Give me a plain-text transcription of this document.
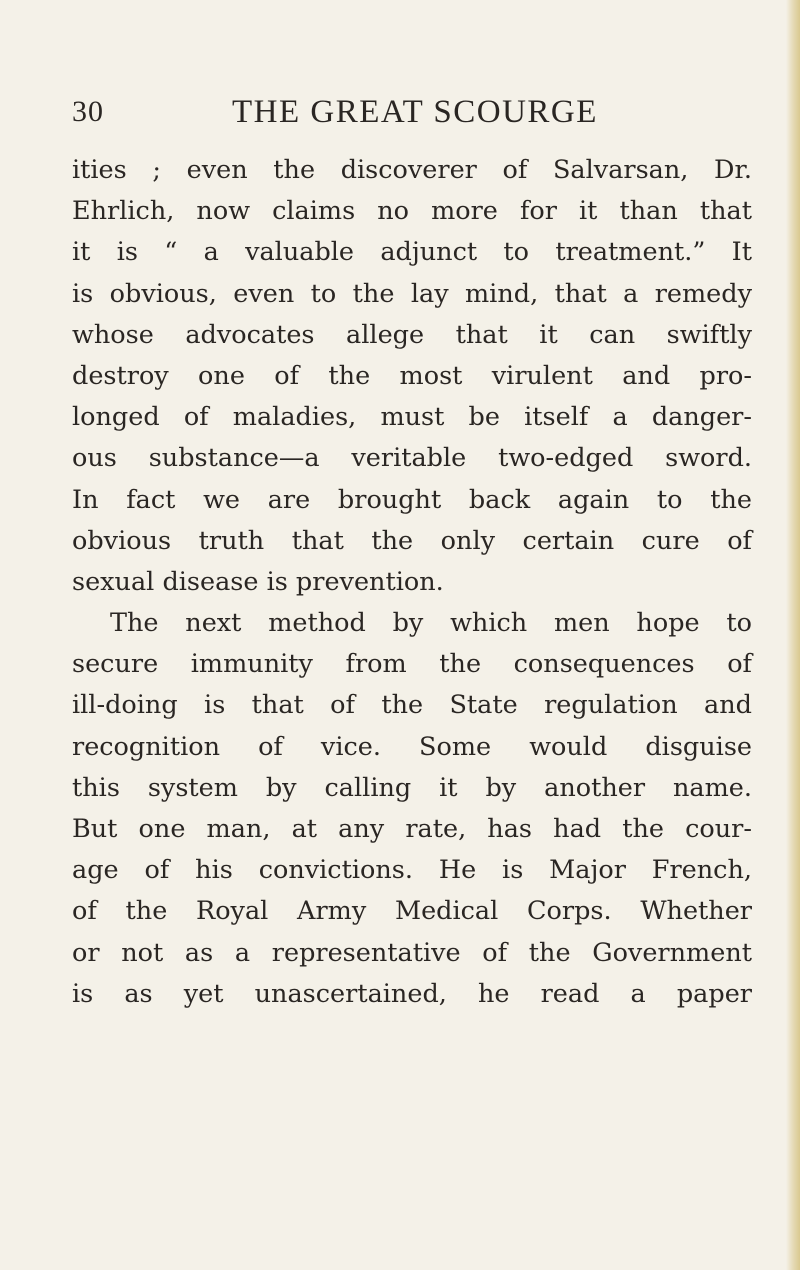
30	THE GREAT SCOURGE
ities ; even the discoverer of Salvarsan, Dr.
Ehrlich, now claims no more for it than that
it is “ a valuable adjunct to treatment.” It
is obvious, even to the lay mind, that a remedy
whose advocates allege that it can swiftly
destroy one of the most virulent and pro-
longed of maladies, must be itself a danger-
ous substance—a veritable two-edged sword.
In fact we are brought back again to the
obvious truth that the only certain cure of
sexual disease is prevention.
The next method by which men hope to
secure immunity from the consequences of
ill-doing is that of the State regulation and
recognition of vice. Some would disguise
this system by calling it by another name.
But one man, at any rate, has had the cour-
age of his convictions. He is Major French,
of the Royal Army Medical Corps. Whether
or not as a representative of the Government
is as yet unascertained, he read a paper
